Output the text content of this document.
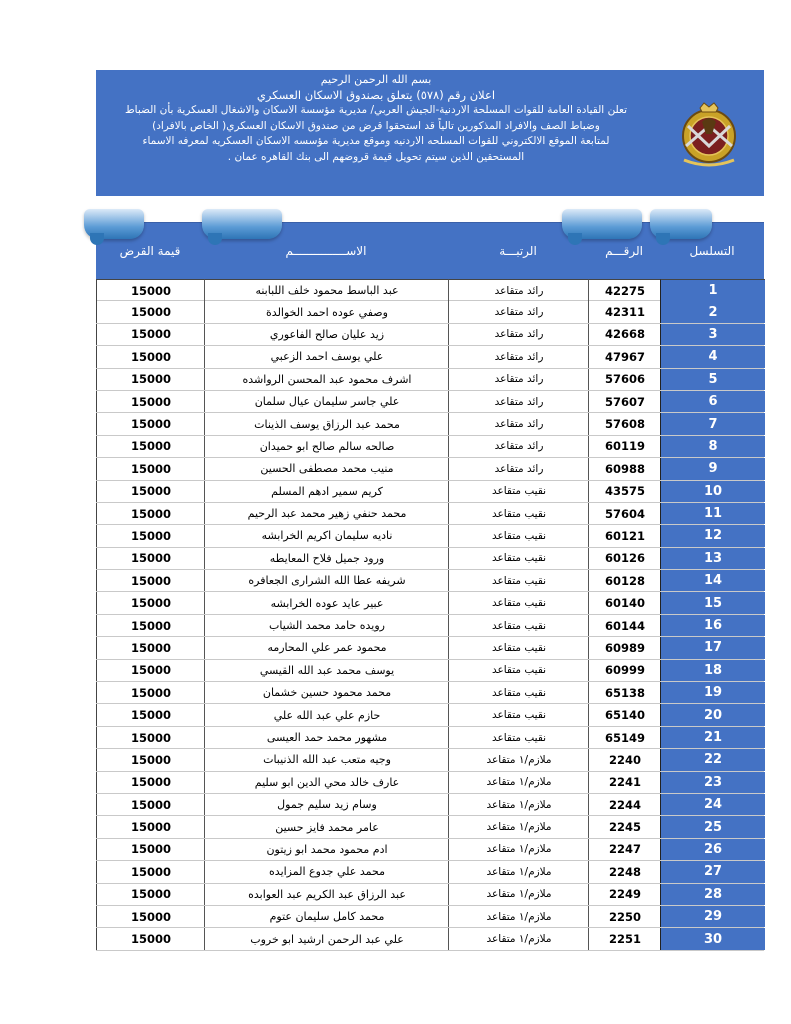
بسم الله الرحمن الرحيم
اعلان رقم (٥٧٨) يتعلق بصندوق الاسكان العسكري
تعلن القيادة العامة للقوات المسلحة الاردنية-الجيش العربي/ مديرية مؤسسة الاسكان والاشغال العسكرية بأن الضباط
وضباط الصف والافراد المذكورين تالياً قد استحقوا قرض من صندوق الاسكان العسكري( الخاص بالافراد)
لمتابعة الموقع الالكتروني للقوات المسلحه الاردنيه وموقع مديرية مؤسسه الاسكان العسكريه لمعرفه الاسماء
المستحقين الذين سيتم تحويل قيمة قروضهم الى بنك القاهره عمان .
قيمة القرض	الاســـــــــــــــم	الرتبـــة	الرقـــم	التسلسل
15000	عبد الباسط محمود خلف اللبابنه	رائد متقاعد	42275	1
15000	وصفي عوده احمد الخوالدة	رائد متقاعد	42311	2
15000	زيد عليان صالح الفاعوري	رائد متقاعد	42668	3
15000	علي يوسف احمد الزعبي	رائد متقاعد	47967	4
15000	اشرف محمود عبد المحسن الرواشده	رائد متقاعد	57606	5
15000	علي جاسر سليمان عيال سلمان	رائد متقاعد	57607	6
15000	محمد عبد الرزاق يوسف الذينات	رائد متقاعد	57608	7
15000	صالحه سالم صالح ابو حميدان	رائد متقاعد	60119	8
15000	منيب محمد مصطفى الحسين	رائد متقاعد	60988	9
15000	كريم سمير ادهم المسلم	نقيب متقاعد	43575	10
15000	محمد حنفي زهير محمد عبد الرحيم	نقيب متقاعد	57604	11
15000	ناديه سليمان اكريم الخرابشه	نقيب متقاعد	60121	12
15000	ورود جميل فلاح المعايطه	نقيب متقاعد	60126	13
15000	شريفه عطا الله الشرارى الجعافره	نقيب متقاعد	60128	14
15000	عبير عايد عوده الخرابشه	نقيب متقاعد	60140	15
15000	رويده حامد محمد الشياب	نقيب متقاعد	60144	16
15000	محمود عمر علي المحارمه	نقيب متقاعد	60989	17
15000	يوسف محمد عبد الله القيسي	نقيب متقاعد	60999	18
15000	محمد محمود حسين خشمان	نقيب متقاعد	65138	19
15000	حازم علي عبد الله علي	نقيب متقاعد	65140	20
15000	مشهور محمد حمد العيسى	نقيب متقاعد	65149	21
15000	وجيه متعب عبد الله الذنيبات	ملازم/١ متقاعد	2240	22
15000	عارف خالد محي الدين ابو سليم	ملازم/١ متقاعد	2241	23
15000	وسام زيد سليم جمول	ملازم/١ متقاعد	2244	24
15000	عامر محمد فايز حسين	ملازم/١ متقاعد	2245	25
15000	ادم محمود محمد ابو زيتون	ملازم/١ متقاعد	2247	26
15000	محمد علي جدوع المزايده	ملازم/١ متقاعد	2248	27
15000	عبد الرزاق عبد الكريم عبد العوابده	ملازم/١ متقاعد	2249	28
15000	محمد كامل سليمان عتوم	ملازم/١ متقاعد	2250	29
15000	علي عبد الرحمن ارشيد ابو خروب	ملازم/١ متقاعد	2251	30
